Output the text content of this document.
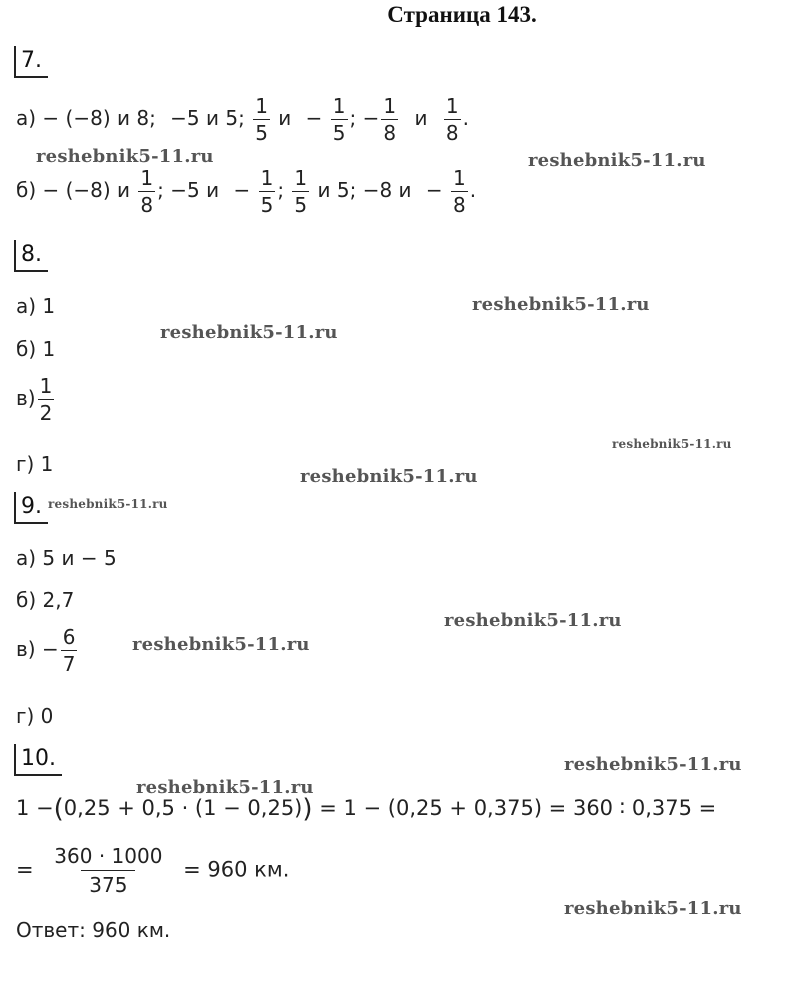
Страница 143.
7.
а) − (−8) и 8; −5 и 5; $\frac{1}{5}$ $и - \frac{1}{5}$ ; − $\frac{1}{8}$ и $\frac{1}{8}$ .
б) − (−8) и $\frac{1}{8}$ ; −5 $и - \frac{1}{5}$ ; $\frac{1}{5}$ и 5; −8 $и - \frac{1}{8}$ .
8.
а) 1
б) 1
$в) \frac{1}{2}$
г) 1
9.
а) 5 и − 5
б) 2,7
$в) - \frac{6}{7}$
г) 0
10.
1 −(0,25 + 0,5 · (1 − 0,25)) = 1 − (0,25 + 0,375) = 360 ∶ 0,375 =
= $\frac{360 \cdot 1000}{375} = 960$ км.
Ответ: 960 км.
reshebnik5-11.ru	reshebnik5-11.ru
reshebnik5-11.ru
reshebnik5-11.ru
reshebnik5-11.ru
reshebnik5-11.ru
reshebnik5-11.ru
reshebnik5-11.ru
reshebnik5-11.ru
reshebnik5-11.ru
reshebnik5-11.ru
reshebnik5-11.ru
